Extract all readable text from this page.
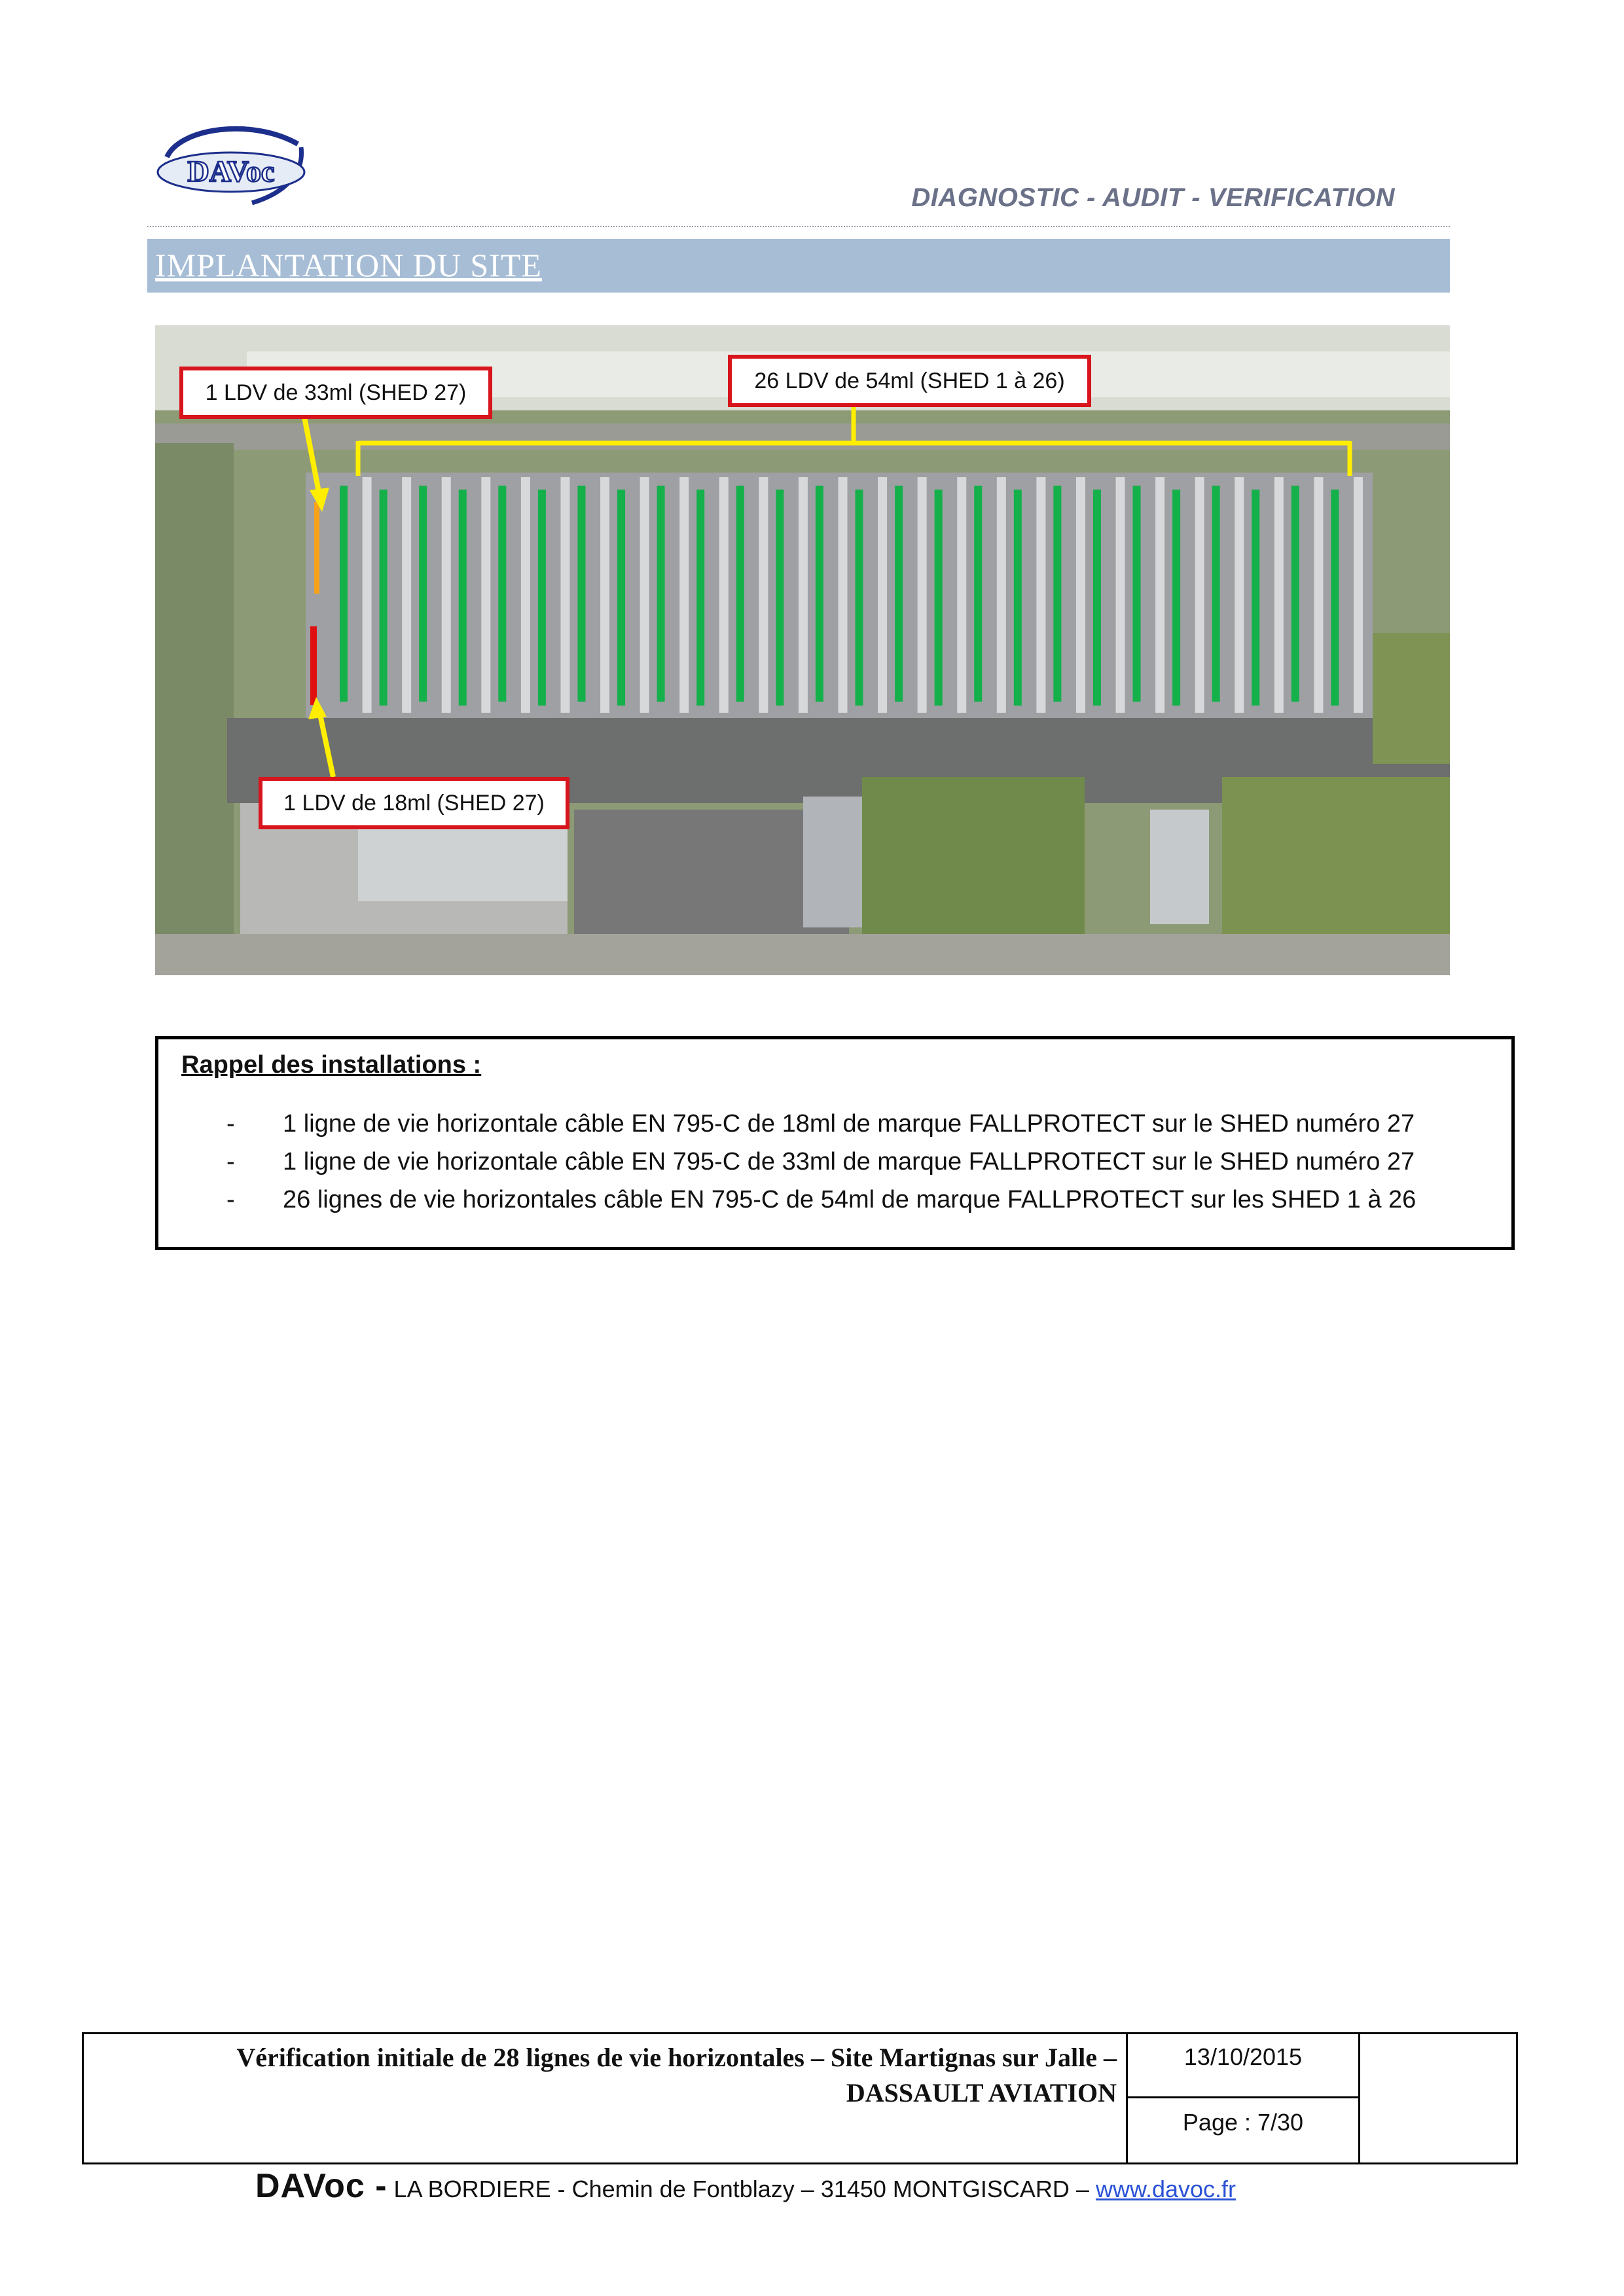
DAVoc
DIAGNOSTIC - AUDIT - VERIFICATION
IMPLANTATION DU SITE
1 LDV de 33ml (SHED 27)	26 LDV de 54ml (SHED 1 à 26)
1 LDV de 18ml (SHED 27)
Rappel des installations :
- 1 ligne de vie horizontale câble EN 795-C de 18ml de marque FALLPROTECT sur le SHED numéro 27
- 1 ligne de vie horizontale câble EN 795-C de 33ml de marque FALLPROTECT sur le SHED numéro 27
- 26 lignes de vie horizontales câble EN 795-C de 54ml de marque FALLPROTECT sur les SHED 1 à 26
Vérification initiale de 28 lignes de vie horizontales – Site Martignas sur Jalle –
DASSAULT AVIATION
13/10/2015
Page : 7/30
DAVoc - LA BORDIERE - Chemin de Fontblazy – 31450 MONTGISCARD – www.davoc.fr
